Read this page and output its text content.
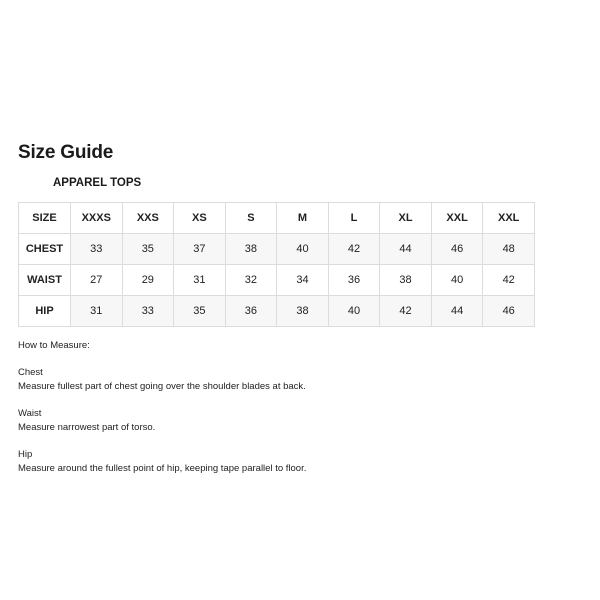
Size Guide
APPAREL TOPS
SIZE	XXXS	XXS	XS	S	M	L	XL	XXL	XXL
CHEST	33	35	37	38	40	42	44	46	48
WAIST	27	29	31	32	34	36	38	40	42
HIP	31	33	35	36	38	40	42	44	46

How to Measure:

Chest

Measure fullest part of chest going over the shoulder blades at back.

Waist

Measure narrowest part of torso.

Hip

Measure around the fullest point of hip, keeping tape parallel to floor.
